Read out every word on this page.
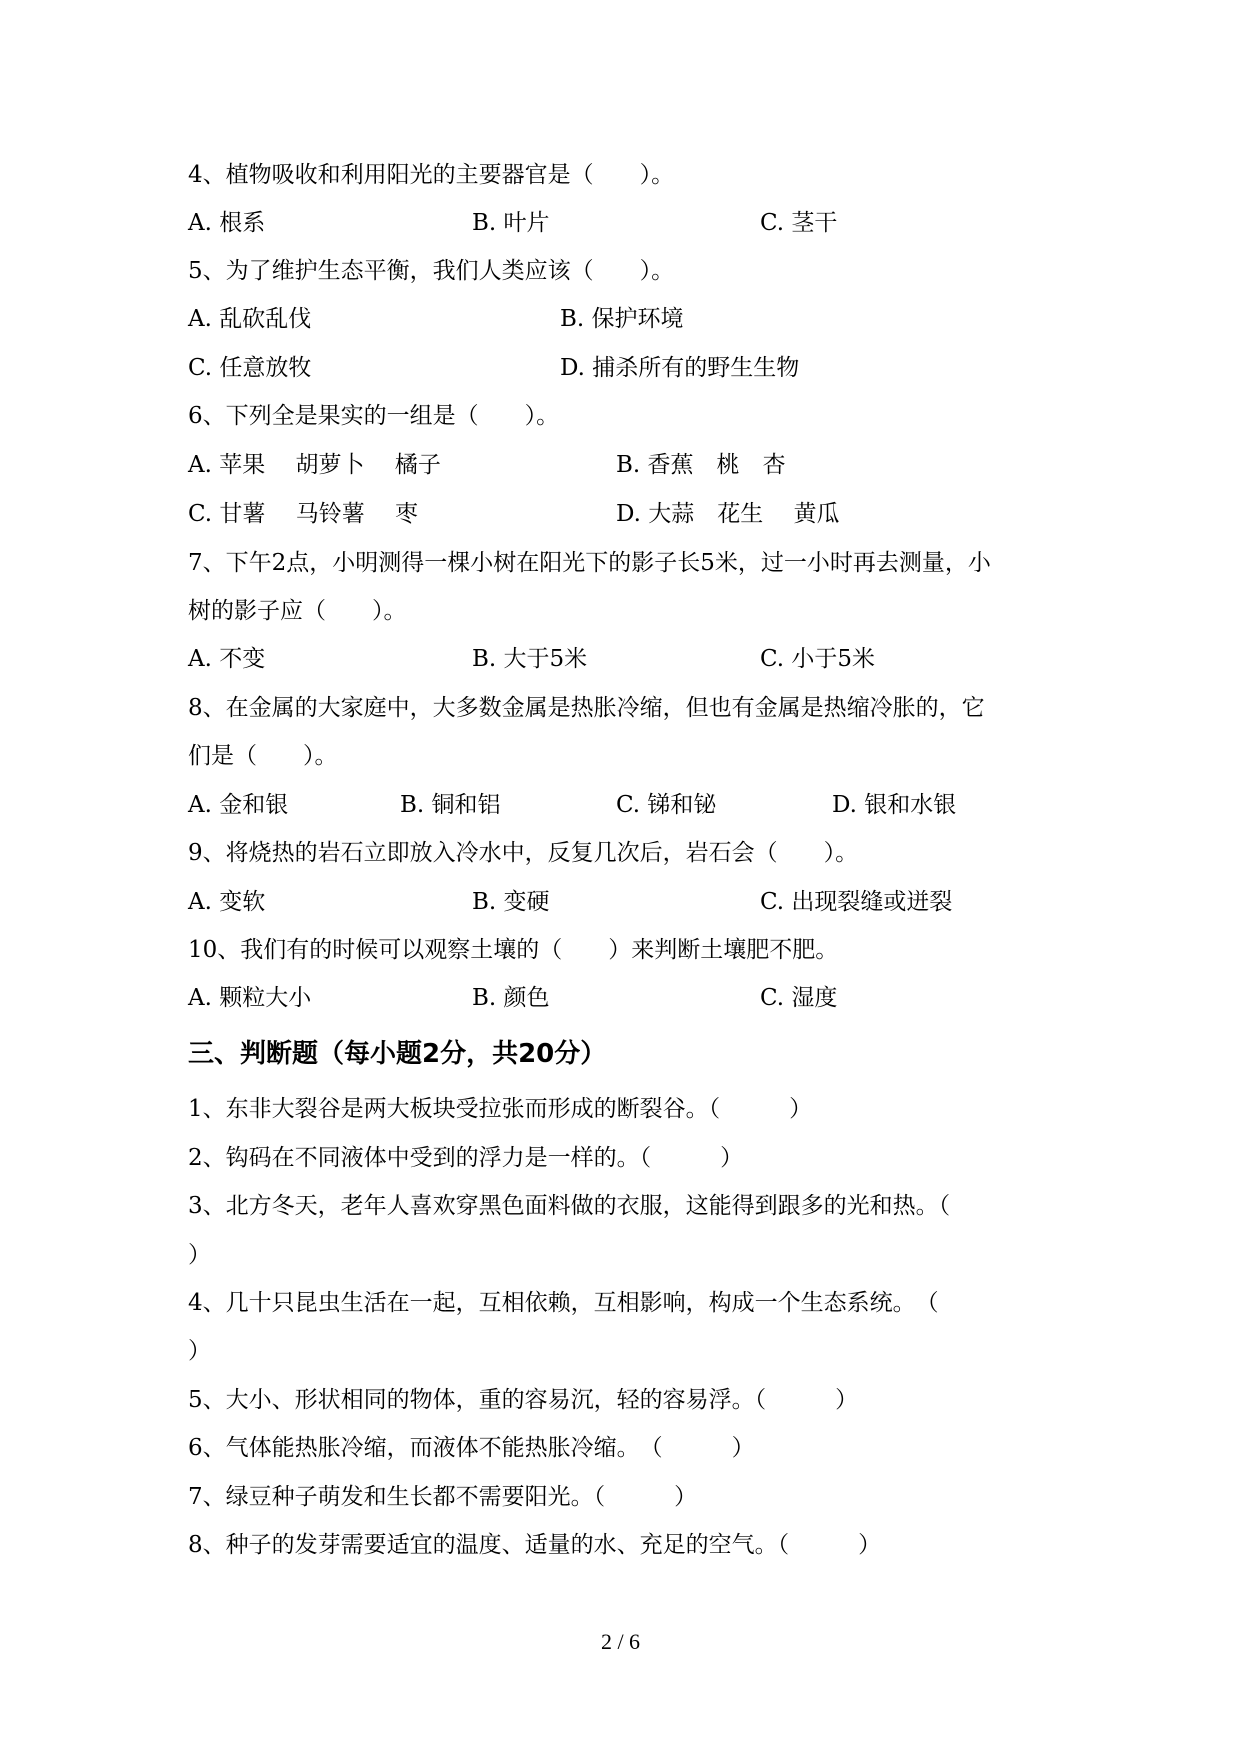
4、植物吸收和利用阳光的主要器官是（　　）。
A. 根系	B. 叶片	C. 茎干
5、为了维护生态平衡，我们人类应该（　　）。
A. 乱砍乱伐	B. 保护环境
C. 任意放牧	D. 捕杀所有的野生生物
6、下列全是果实的一组是（　　）。
A. 苹果　 胡萝卜　 橘子	B. 香蕉　桃　杏
C. 甘薯　 马铃薯　 枣	D. 大蒜　花生　 黄瓜
7、下午2点，小明测得一棵小树在阳光下的影子长5米，过一小时再去测量，小
树的影子应（　　）。
A. 不变	B. 大于5米	C. 小于5米
8、在金属的大家庭中，大多数金属是热胀冷缩，但也有金属是热缩冷胀的，它
们是（　　）。
A. 金和银	B. 铜和铝	C. 锑和铋	D. 银和水银
9、将烧热的岩石立即放入冷水中，反复几次后，岩石会（　　）。
A. 变软	B. 变硬	C. 出现裂缝或迸裂
10、我们有的时候可以观察土壤的（　　）来判断土壤肥不肥。
A. 颗粒大小	B. 颜色	C. 湿度
三、判断题（每小题2分，共20分）
1、东非大裂谷是两大板块受拉张而形成的断裂谷。（　　　）
2、钩码在不同液体中受到的浮力是一样的。（　　　）
3、北方冬天，老年人喜欢穿黑色面料做的衣服，这能得到跟多的光和热。（
）
4、几十只昆虫生活在一起，互相依赖，互相影响，构成一个生态系统。　（
）
5、大小、形状相同的物体，重的容易沉，轻的容易浮。（　　　）
6、气体能热胀冷缩，而液体不能热胀冷缩。　（　　　）
7、绿豆种子萌发和生长都不需要阳光。（　　　）
8、种子的发芽需要适宜的温度、适量的水、充足的空气。（　　　）
2 / 6
